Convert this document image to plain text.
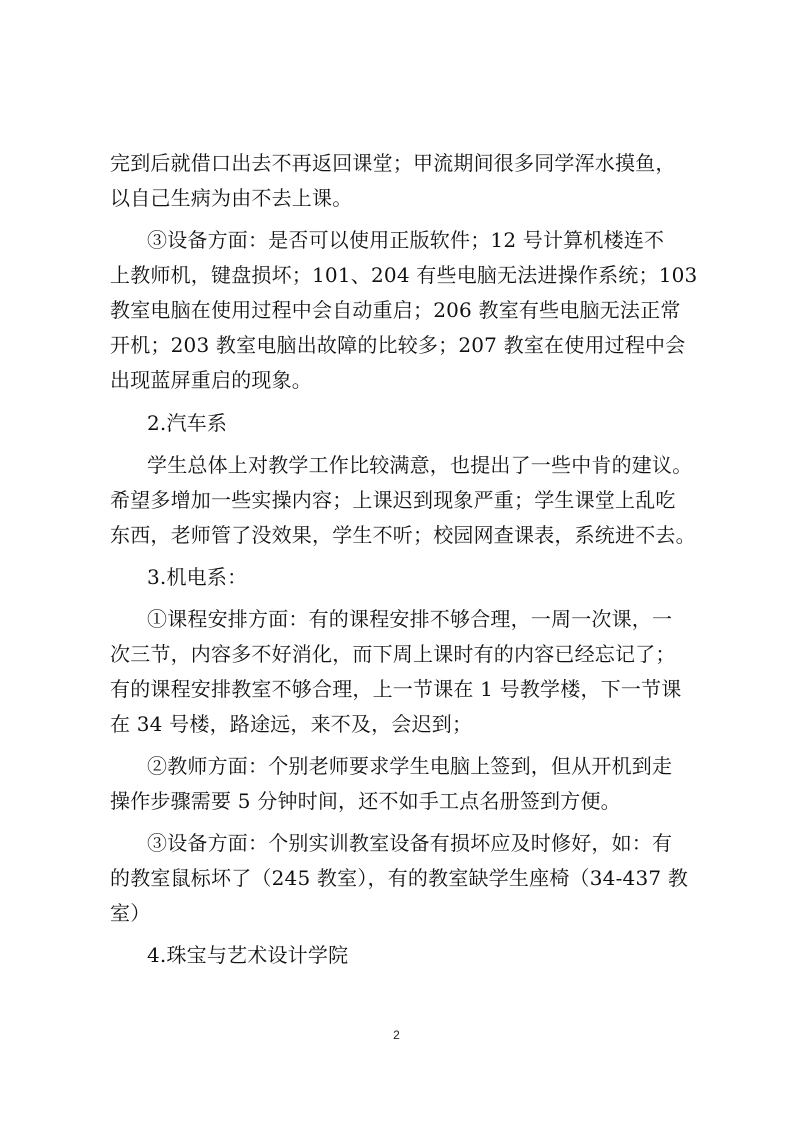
完到后就借口出去不再返回课堂；甲流期间很多同学浑水摸鱼，
以自己生病为由不去上课。
③设备方面：是否可以使用正版软件；12 号计算机楼连不
上教师机，键盘损坏；101、204 有些电脑无法进操作系统；103
教室电脑在使用过程中会自动重启；206 教室有些电脑无法正常
开机；203 教室电脑出故障的比较多；207 教室在使用过程中会
出现蓝屏重启的现象。
2.汽车系
学生总体上对教学工作比较满意，也提出了一些中肯的建议。
希望多增加一些实操内容；上课迟到现象严重；学生课堂上乱吃
东西，老师管了没效果，学生不听；校园网查课表，系统进不去。
3.机电系：
①课程安排方面：有的课程安排不够合理，一周一次课，一
次三节，内容多不好消化，而下周上课时有的内容已经忘记了；
有的课程安排教室不够合理，上一节课在 1 号教学楼，下一节课
在 34 号楼，路途远，来不及，会迟到；
②教师方面：个别老师要求学生电脑上签到，但从开机到走
操作步骤需要 5 分钟时间，还不如手工点名册签到方便。
③设备方面：个别实训教室设备有损坏应及时修好，如：有
的教室鼠标坏了（245 教室），有的教室缺学生座椅（34-437 教
室）
4.珠宝与艺术设计学院
2
